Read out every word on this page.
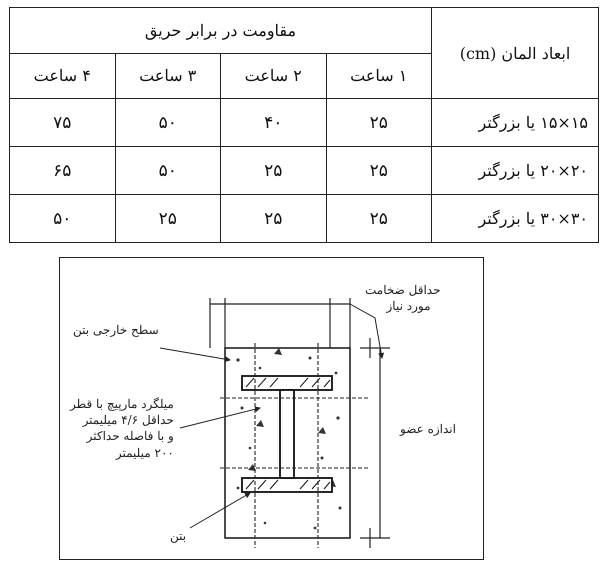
ابعاد المان (cm)	مقاومت در برابر حریق			
	۱ ساعت	۲ ساعت	۳ ساعت	۴ ساعت
۱۵×۱۵ یا بزرگتر	۲۵	۴۰	۵۰	۷۵
۲۰×۲۰ یا بزرگتر	۲۵	۲۵	۵۰	۶۵
۳۰×۳۰ یا بزرگتر	۲۵	۲۵	۲۵	۵۰
حداقل ضخامت
مورد نیاز
سطح خارجی بتن
میلگرد مارپیچ با قطر
حداقل ۴/۶ میلیمتر
و با فاصله حداکثر
۲۰۰ میلیمتر
اندازه عضو
بتن
